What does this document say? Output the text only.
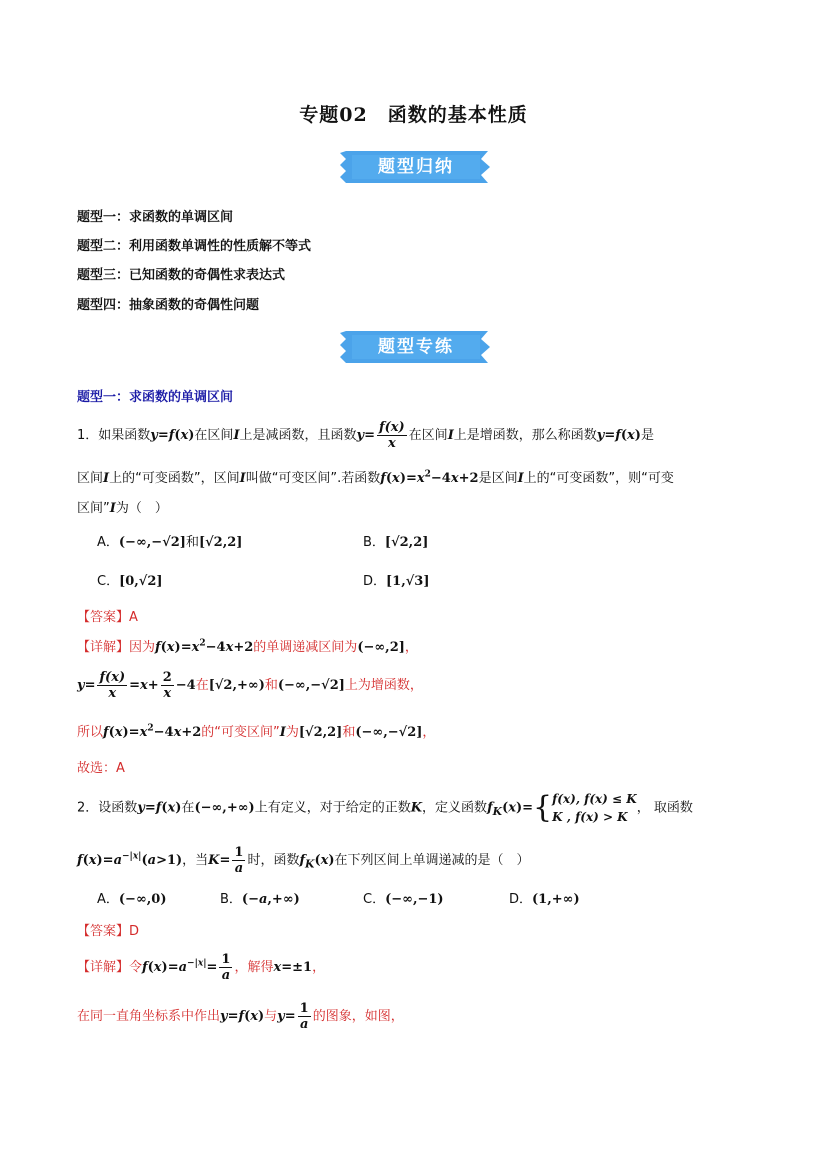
专题02　函数的基本性质
题型归纳
题型一：求函数的单调区间
题型二：利用函数单调性的性质解不等式
题型三：已知函数的奇偶性求表达式
题型四：抽象函数的奇偶性问题
题型专练
题型一：求函数的单调区间
1．如果函数y=f(x)在区间I上是减函数，且函数$y= \frac{f(x)}{x}$ 在区间I上是增函数，那么称函数y=f(x)是
区间I上的“可变函数”，区间I叫做“可变区间”.若函数$f(x)=x^2-4x+2$是区间I上的“可变函数”，则“可变
区间”I为（　）
A．(−∞,−√2]和[√2,2]	B．[√2,2]
C．[0,√2]	D．[1,√3]
【答案】A
【详解】因为$f(x)=x^2-4x+2$的单调递减区间为(−∞,2]，
$y= \frac{f(x)}{x} =x+ \frac{2}{x} -4$在[√2,+∞)和(−∞,−√2]上为增函数，
所以$f(x)=x^2-4x+2$的“可变区间”I为[√2,2]和(−∞,−√2]，
故选：A
2．设函数y=f(x)在(−∞,+∞)上有定义，对于给定的正数K，定义函数$f_K(x)=${ f(x), f(x) ≤ K
K , f(x) > K
， 取函数
$f(x)=a^{-|x|}(a>1)$，当$K= \frac{1}{a}$ 时，函数$f_K(x)$在下列区间上单调递减的是（　）
A．(−∞,0)	B．(−a,+∞)	C．(−∞,−1)	D．(1,+∞)
【答案】D
【详解】令$f(x)=a^{-|x|}= \frac{1}{a}$ ，解得x=±1，
在同一直角坐标系中作出y=f(x)与$y= \frac{1}{a}$ 的图象，如图，
